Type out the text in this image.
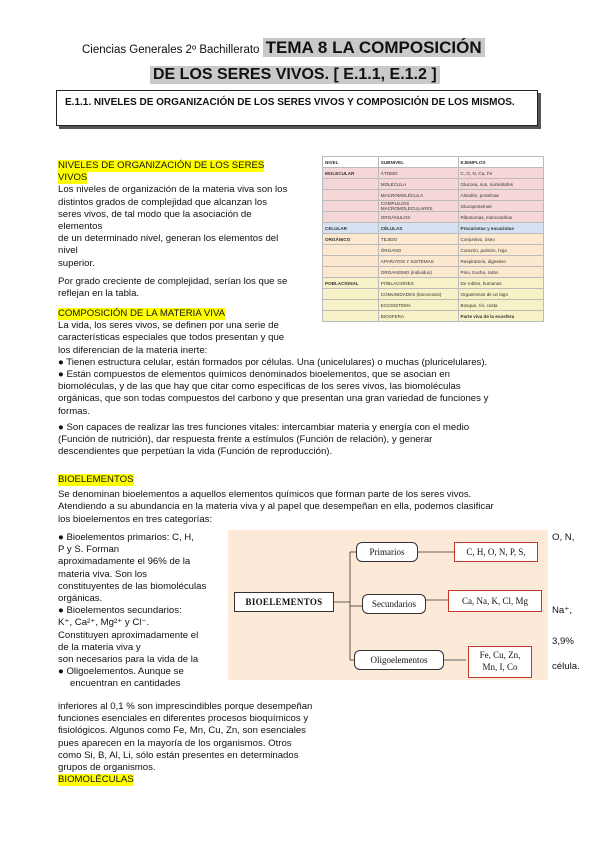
Ciencias Generales 2º Bachillerato TEMA 8 LA COMPOSICIÓN
DE LOS SERES VIVOS. [ E.1.1, E.1.2 ]
E.1.1. NIVELES DE ORGANIZACIÓN DE LOS SERES VIVOS Y COMPOSICIÓN DE LOS MISMOS.
NIVELES DE ORGANIZACIÓN DE LOS SERES
VIVOS
Los niveles de organización de la materia viva son los
distintos grados de complejidad que alcanzan los
seres vivos, de tal modo que la asociación de
elementos
de un determinado nivel, generan los elementos del
nivel
superior.
Por grado creciente de complejidad, serían los que se
reflejan en la tabla.
NIVEL	SUBNIVEL	EJEMPLOS
MOLECULAR	ÁTOMO	C, O, N, Ca, Fe
	MOLÉCULA	Glucosa, sus, nucleótidos
	MACROMOLÉCULA	Almidón, proteínas
	COMPLEJOS MACROMOLECULARES	Glucoproteínas
	ORGÁNULOS	Ribosomas, mitocondrias
CELULAR	CÉLULAS	Procariotas y eucariotas
ORGÁNICO	TEJIDO	Conjuntivo, óseo
	ÓRGANO	Corazón, pulmón, hoja
	APARATOS Y SISTEMAS	Respiratorio, digestivo
	ORGANISMO (individuo)	Pino, trucha, ratón
POBLACIONAL	POBLACIONES	De robles, humanas
	COMUNIDADES (biocenosis)	Organismos de un lago
	ECOSISTEMA	Bosque, río, costa
	BIOSFERA	Parte viva de la ecosfera
COMPOSICIÓN DE LA MATERIA VIVA
La vida, los seres vivos, se definen por una serie de
características especiales que todos presentan y que
los diferencian de la materia inerte:
● Tienen estructura celular, están formados por células. Una (unicelulares) o muchas (pluricelulares).
● Están compuestos de elementos químicos denominados bioelementos, que se asocian en
biomoléculas, y de las que hay que citar como específicas de los seres vivos, las biomoléculas
orgánicas, que son todas compuestos del carbono y que presentan una gran variedad de funciones y
formas.
● Son capaces de realizar las tres funciones vitales: intercambiar materia y energía con el medio
(Función de nutrición), dar respuesta frente a estímulos (Función de relación), y generar
descendientes que perpetúan la vida (Función de reproducción).
BIOELEMENTOS
Se denominan bioelementos a aquellos elementos químicos que forman parte de los seres vivos.
Atendiendo a su abundancia en la materia viva y al papel que desempeñan en ella, podemos clasificar
los bioelementos en tres categorías:
● Bioelementos primarios: C, H,
P y S. Forman
aproximadamente el 96% de la
materia viva. Son los
constituyentes de las biomoléculas
orgánicas.
● Bioelementos secundarios:
K⁺, Ca²⁺, Mg²⁺ y Cl⁻.
Constituyen aproximadamente el
de la materia viva y
son necesarios para la vida de la
● Oligoelementos. Aunque se
encuentran en cantidades
O, N,
Na⁺,
3,9%
célula.
BIOELEMENTOS
Primarios	C, H, O, N, P, S,
Secundarios	Ca, Na, K, Cl, Mg
Oligoelementos	Fe, Cu, Zn,
Mn, I, Co
inferiores al 0,1 % son imprescindibles porque desempeñan
funciones esenciales en diferentes procesos bioquímicos y
fisiológicos. Algunos como Fe, Mn, Cu, Zn, son esenciales
pues aparecen en la mayoría de los organismos. Otros
como Si, B, Al, Li, sólo están presentes en determinados
grupos de organismos.
BIOMOLÉCULAS
